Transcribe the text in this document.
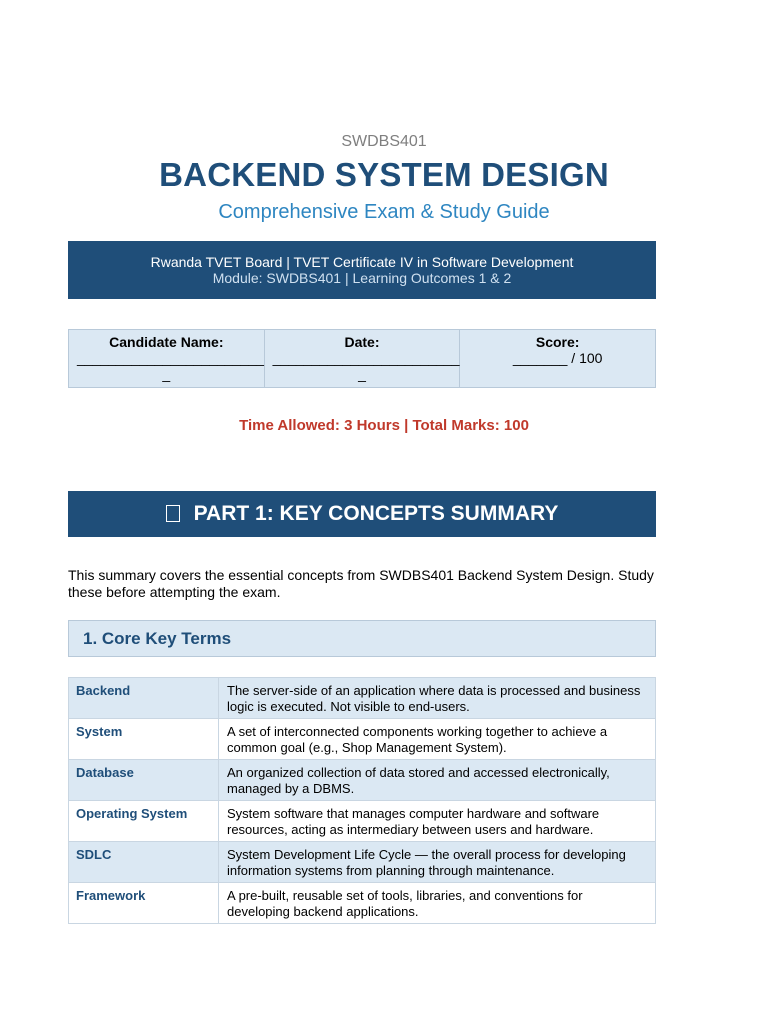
SWDBS401
BACKEND SYSTEM DESIGN
Comprehensive Exam & Study Guide
Rwanda TVET Board | TVET Certificate IV in Software Development
Module: SWDBS401 | Learning Outcomes 1 & 2
Candidate Name:
________________________
_	
Date:
________________________
_	
Score:
_______ / 100
Time Allowed: 3 Hours | Total Marks: 100
PART 1: KEY CONCEPTS SUMMARY
This summary covers the essential concepts from SWDBS401 Backend System Design. Study these before attempting the exam.
1. Core Key Terms
Backend	The server-side of an application where data is processed and business logic is executed. Not visible to end-users.
System	A set of interconnected components working together to achieve a common goal (e.g., Shop Management System).
Database	An organized collection of data stored and accessed electronically, managed by a DBMS.
Operating System	System software that manages computer hardware and software resources, acting as intermediary between users and hardware.
SDLC	System Development Life Cycle — the overall process for developing information systems from planning through maintenance.
Framework	A pre-built, reusable set of tools, libraries, and conventions for developing backend applications.
